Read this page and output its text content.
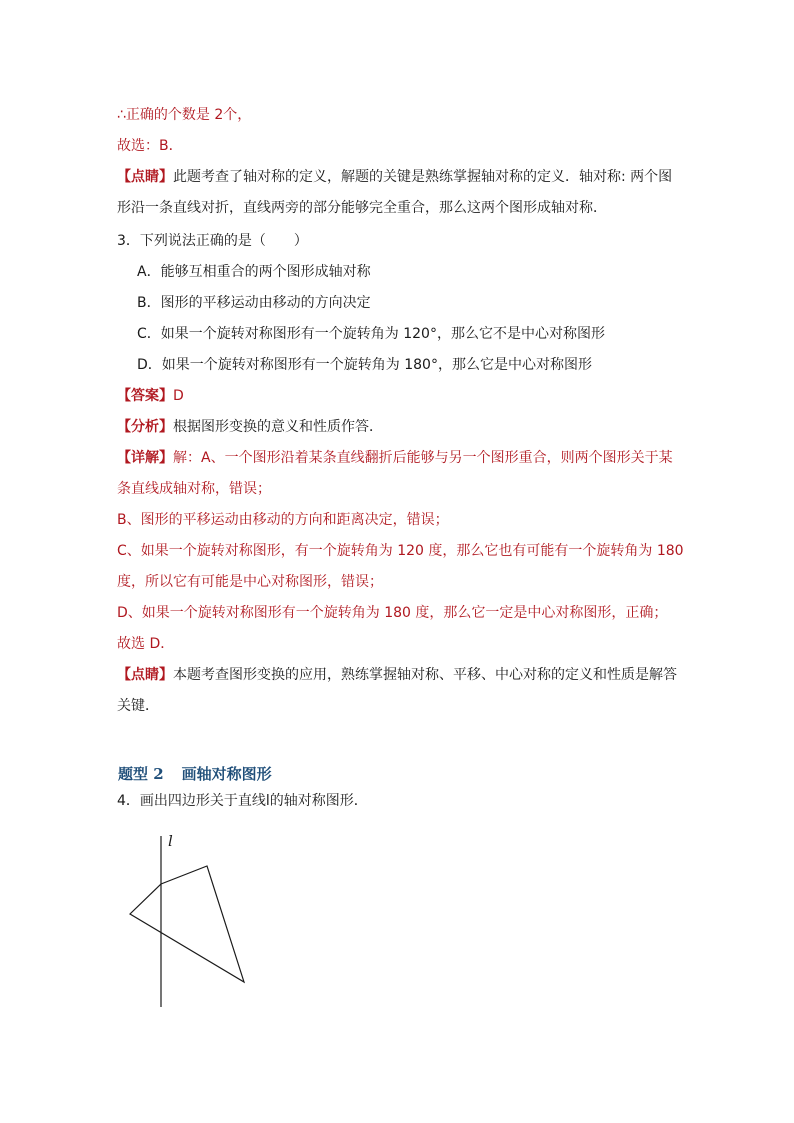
∴正确的个数是 2个，
故选：B．
【点睛】此题考查了轴对称的定义，解题的关键是熟练掌握轴对称的定义．轴对称: 两个图
形沿一条直线对折，直线两旁的部分能够完全重合，那么这两个图形成轴对称．
3．下列说法正确的是（　　）
A．能够互相重合的两个图形成轴对称
B．图形的平移运动由移动的方向决定
C．如果一个旋转对称图形有一个旋转角为 120°，那么它不是中心对称图形
D．如果一个旋转对称图形有一个旋转角为 180°，那么它是中心对称图形
【答案】D
【分析】根据图形变换的意义和性质作答．
【详解】解：A、一个图形沿着某条直线翻折后能够与另一个图形重合，则两个图形关于某
条直线成轴对称，错误；
B、图形的平移运动由移动的方向和距离决定，错误；
C、如果一个旋转对称图形，有一个旋转角为 120 度，那么它也有可能有一个旋转角为 180
度，所以它有可能是中心对称图形，错误；
D、如果一个旋转对称图形有一个旋转角为 180 度，那么它一定是中心对称图形，正确；
故选 D．
【点睛】本题考查图形变换的应用，熟练掌握轴对称、平移、中心对称的定义和性质是解答
关键．
题型 2 画轴对称图形
4．画出四边形关于直线l的轴对称图形．
l
